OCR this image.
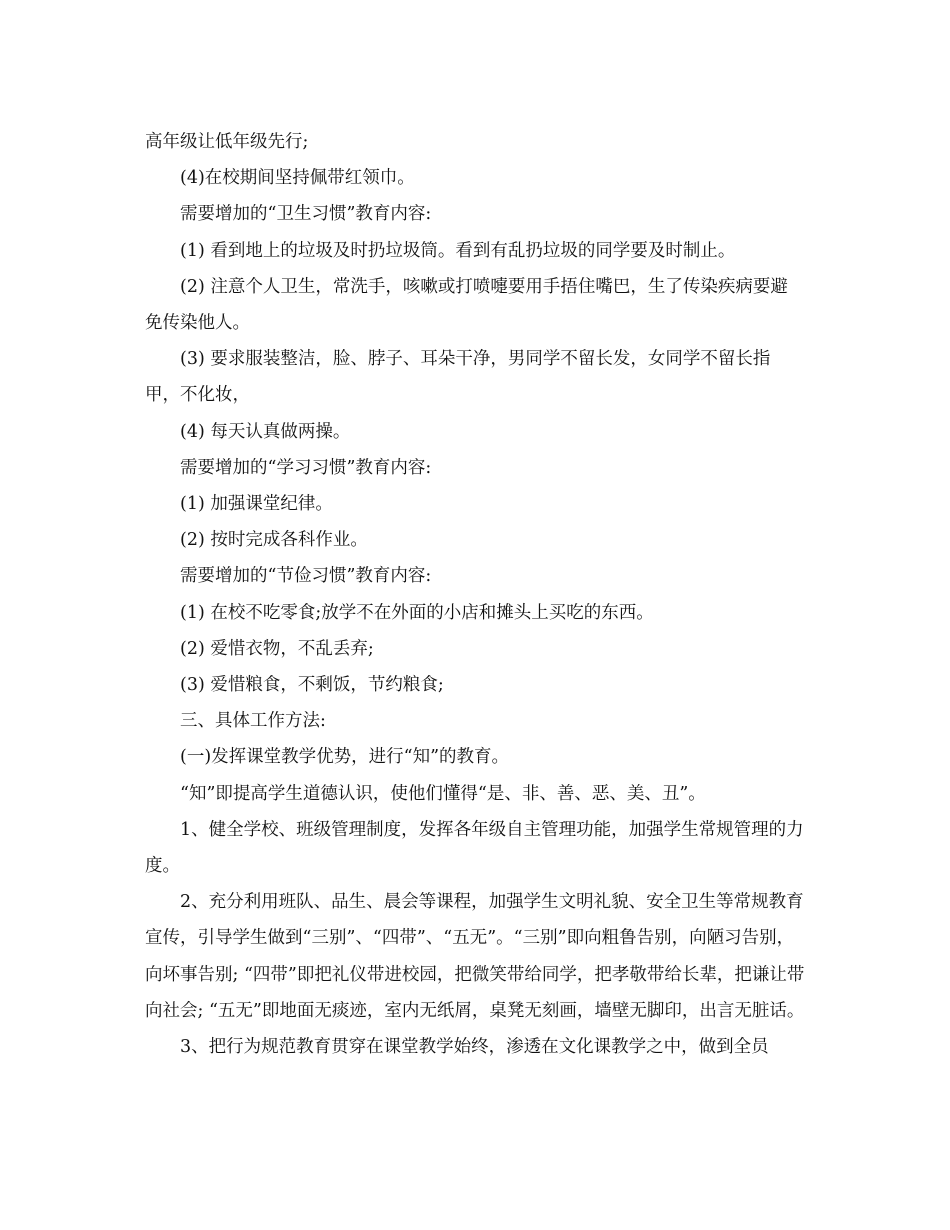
高年级让低年级先行;

(4)在校期间坚持佩带红领巾。

需要增加的“卫生习惯”教育内容:

(1) 看到地上的垃圾及时扔垃圾筒。看到有乱扔垃圾的同学要及时制止。

(2) 注意个人卫生，常洗手，咳嗽或打喷嚏要用手捂住嘴巴，生了传染疾病要避免传染他人。

(3) 要求服装整洁，脸、脖子、耳朵干净，男同学不留长发，女同学不留长指甲，不化妆，

(4) 每天认真做两操。

需要增加的“学习习惯”教育内容:

(1) 加强课堂纪律。

(2) 按时完成各科作业。

需要增加的“节俭习惯”教育内容:

(1) 在校不吃零食;放学不在外面的小店和摊头上买吃的东西。

(2) 爱惜衣物，不乱丢弃;

(3) 爱惜粮食，不剩饭，节约粮食;

三、具体工作方法:

(一)发挥课堂教学优势，进行“知”的教育。

“知”即提高学生道德认识，使他们懂得“是、非、善、恶、美、丑”。

1、健全学校、班级管理制度，发挥各年级自主管理功能，加强学生常规管理的力度。

2、充分利用班队、品生、晨会等课程，加强学生文明礼貌、安全卫生等常规教育宣传，引导学生做到“三别”、“四带”、“五无”。“三别”即向粗鲁告别，向陋习告别，向坏事告别; “四带”即把礼仪带进校园，把微笑带给同学，把孝敬带给长辈，把谦让带向社会; “五无”即地面无痰迹，室内无纸屑，桌凳无刻画，墙壁无脚印，出言无脏话。

3、把行为规范教育贯穿在课堂教学始终，渗透在文化课教学之中，做到全员
